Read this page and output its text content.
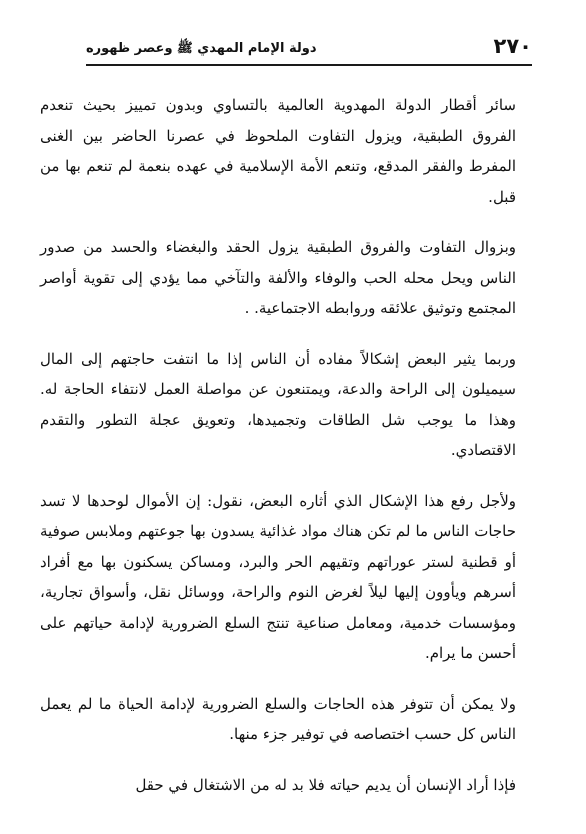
٢٧٠
دولة الإمام المهدي ﷺ وعصر ظهوره

سائر أقطار الدولة المهدوية العالمية بالتساوي وبدون تمييز بحيث تنعدم الفروق الطبقية، ويزول التفاوت الملحوظ في عصرنا الحاضر بين الغنى المفرط والفقر المدقع، وتنعم الأمة الإسلامية في عهده بنعمة لم تنعم بها من قبل.

وبزوال التفاوت والفروق الطبقية يزول الحقد والبغضاء والحسد من صدور الناس ويحل محله الحب والوفاء والألفة والتآخي مما يؤدي إلى تقوية أواصر المجتمع وتوثيق علائقه وروابطه الاجتماعية. .

وربما يثير البعض إشكالاً مفاده أن الناس إذا ما انتفت حاجتهم إلى المال سيميلون إلى الراحة والدعة، ويمتنعون عن مواصلة العمل لانتفاء الحاجة له. وهذا ما يوجب شل الطاقات وتجميدها، وتعويق عجلة التطور والتقدم الاقتصادي.

ولأجل رفع هذا الإشكال الذي أثاره البعض، نقول: إن الأموال لوحدها لا تسد حاجات الناس ما لم تكن هناك مواد غذائية يسدون بها جوعتهم وملابس صوفية أو قطنية لستر عوراتهم وتقيهم الحر والبرد، ومساكن يسكنون بها مع أفراد أسرهم ويأوون إليها ليلاً لغرض النوم والراحة، ووسائل نقل، وأسواق تجارية، ومؤسسات خدمية، ومعامل صناعية تنتج السلع الضرورية لإدامة حياتهم على أحسن ما يرام.

ولا يمكن أن تتوفر هذه الحاجات والسلع الضرورية لإدامة الحياة ما لم يعمل الناس كل حسب اختصاصه في توفير جزء منها.

فإذا أراد الإنسان أن يديم حياته فلا بد له من الاشتغال في حقل
